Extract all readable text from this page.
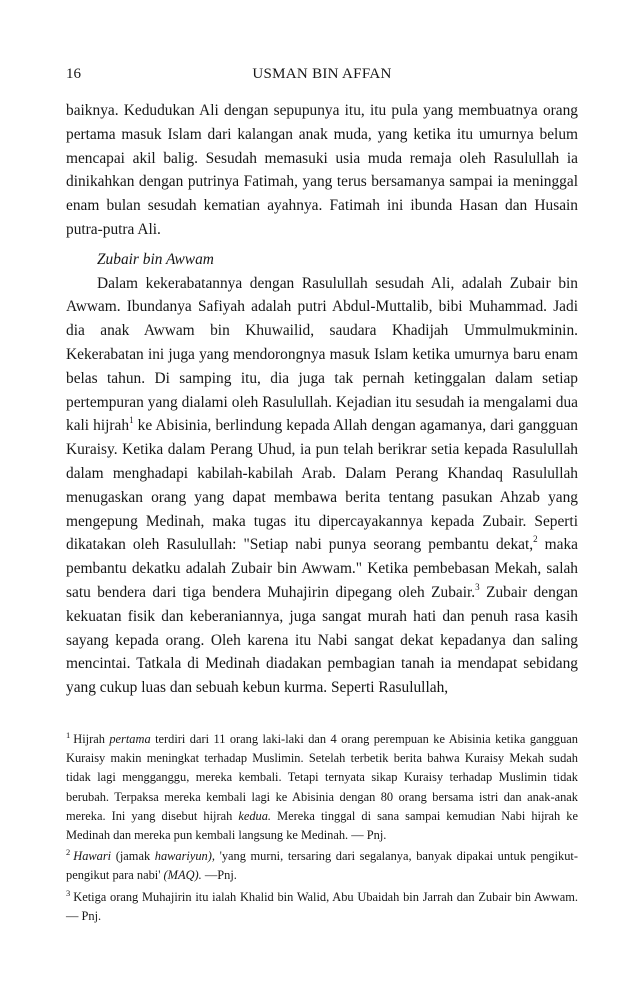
16	USMAN BIN AFFAN

baiknya. Kedudukan Ali dengan sepupunya itu, itu pula yang membuatnya orang pertama masuk Islam dari kalangan anak muda, yang ketika itu umurnya belum mencapai akil balig. Sesudah memasuki usia muda remaja oleh Rasulullah ia dinikahkan dengan putrinya Fatimah, yang terus bersamanya sampai ia meninggal enam bulan sesudah kematian ayahnya. Fatimah ini ibunda Hasan dan Husain putra-putra Ali.

Zubair bin Awwam

Dalam kekerabatannya dengan Rasulullah sesudah Ali, adalah Zubair bin Awwam. Ibundanya Safiyah adalah putri Abdul-Muttalib, bibi Muhammad. Jadi dia anak Awwam bin Khuwailid, saudara Khadijah Ummulmukminin. Kekerabatan ini juga yang mendorongnya masuk Islam ketika umurnya baru enam belas tahun. Di samping itu, dia juga tak pernah ketinggalan dalam setiap pertempuran yang dialami oleh Rasulullah. Kejadian itu sesudah ia mengalami dua kali hijrah$^1$ ke Abisinia, berlindung kepada Allah dengan agamanya, dari gangguan Kuraisy. Ketika dalam Perang Uhud, ia pun telah berikrar setia kepada Rasulullah dalam menghadapi kabilah-kabilah Arab. Dalam Perang Khandaq Rasulullah menugaskan orang yang dapat membawa berita tentang pasukan Ahzab yang mengepung Medinah, maka tugas itu dipercayakannya kepada Zubair. Seperti dikatakan oleh Rasulullah: "Setiap nabi punya seorang pembantu dekat,$^2$ maka pembantu dekatku adalah Zubair bin Awwam." Ketika pembebasan Mekah, salah satu bendera dari tiga bendera Muhajirin dipegang oleh Zubair.$^3$ Zubair dengan kekuatan fisik dan keberaniannya, juga sangat murah hati dan penuh rasa kasih sayang kepada orang. Oleh karena itu Nabi sangat dekat kepadanya dan saling mencintai. Tatkala di Medinah diadakan pembagian tanah ia mendapat sebidang yang cukup luas dan sebuah kebun kurma. Seperti Rasulullah,

$^1$ Hijrah pertama terdiri dari 11 orang laki-laki dan 4 orang perempuan ke Abisinia ketika gangguan Kuraisy makin meningkat terhadap Muslimin. Setelah terbetik berita bahwa Kuraisy Mekah sudah tidak lagi mengganggu, mereka kembali. Tetapi ternyata sikap Kuraisy terhadap Muslimin tidak berubah. Terpaksa mereka kembali lagi ke Abisinia dengan 80 orang bersama istri dan anak-anak mereka. Ini yang disebut hijrah kedua. Mereka tinggal di sana sampai kemudian Nabi hijrah ke Medinah dan mereka pun kembali langsung ke Medinah. — Pnj.

$^2$ Hawari (jamak hawariyun), 'yang murni, tersaring dari segalanya, banyak dipakai untuk pengikut-pengikut para nabi' (MAQ). —Pnj.

$^3$ Ketiga orang Muhajirin itu ialah Khalid bin Walid, Abu Ubaidah bin Jarrah dan Zubair bin Awwam. — Pnj.
